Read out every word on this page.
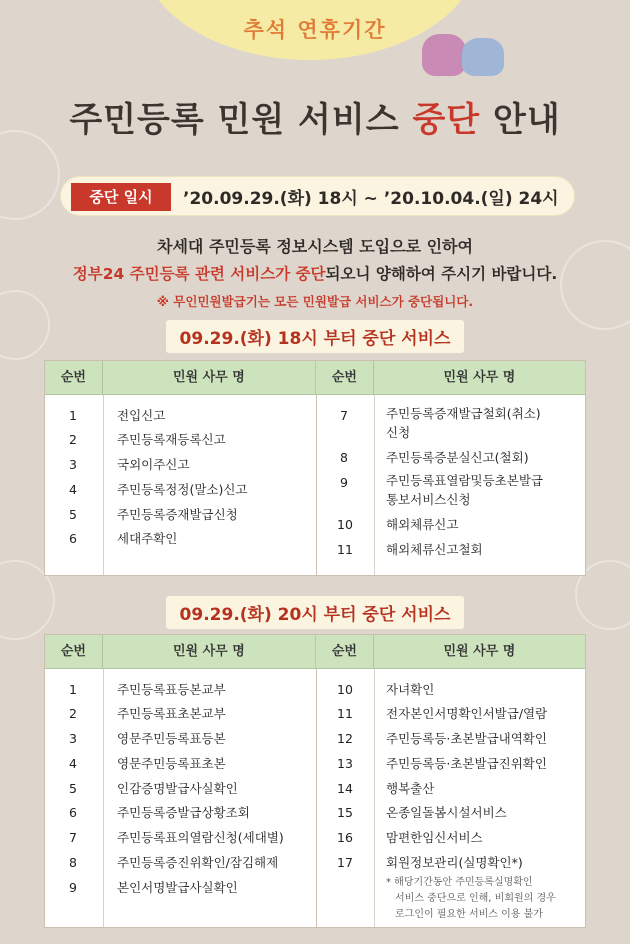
추석 연휴기간
주민등록 민원 서비스 중단 안내
중단 일시	’20.09.29.(화) 18시 ~ ’20.10.04.(일) 24시
차세대 주민등록 정보시스템 도입으로 인하여
정부24 주민등록 관련 서비스가 중단되오니 양해하여 주시기 바랍니다.
※ 무인민원발급기는 모든 민원발급 서비스가 중단됩니다.
09.29.(화) 18시 부터 중단 서비스
순번	민원 사무 명	순번	민원 사무 명
1	전입신고
2	주민등록재등록신고
3	국외이주신고
4	주민등록정정(말소)신고
5	주민등록증재발급신청
6	세대주확인
7	주민등록증재발급철회(취소)
신청
8	주민등록증분실신고(철회)
9	주민등록표열람및등초본발급
통보서비스신청
10	해외체류신고
11	해외체류신고철회
09.29.(화) 20시 부터 중단 서비스
순번	민원 사무 명	순번	민원 사무 명
1	주민등록표등본교부
2	주민등록표초본교부
3	영문주민등록표등본
4	영문주민등록표초본
5	인감증명발급사실확인
6	주민등록증발급상황조회
7	주민등록표의열람신청(세대별)
8	주민등록증진위확인/잠김해제
9	본인서명발급사실확인
10	자녀확인
11	전자본인서명확인서발급/열람
12	주민등록등·초본발급내역확인
13	주민등록등·초본발급진위확인
14	행복출산
15	온종일돌봄시설서비스
16	맘편한임신서비스
17	회원정보관리(실명확인*)
* 해당기간동안 주민등록실명확인
서비스 중단으로 인해, 비회원의 경우
로그인이 필요한 서비스 이용 불가
